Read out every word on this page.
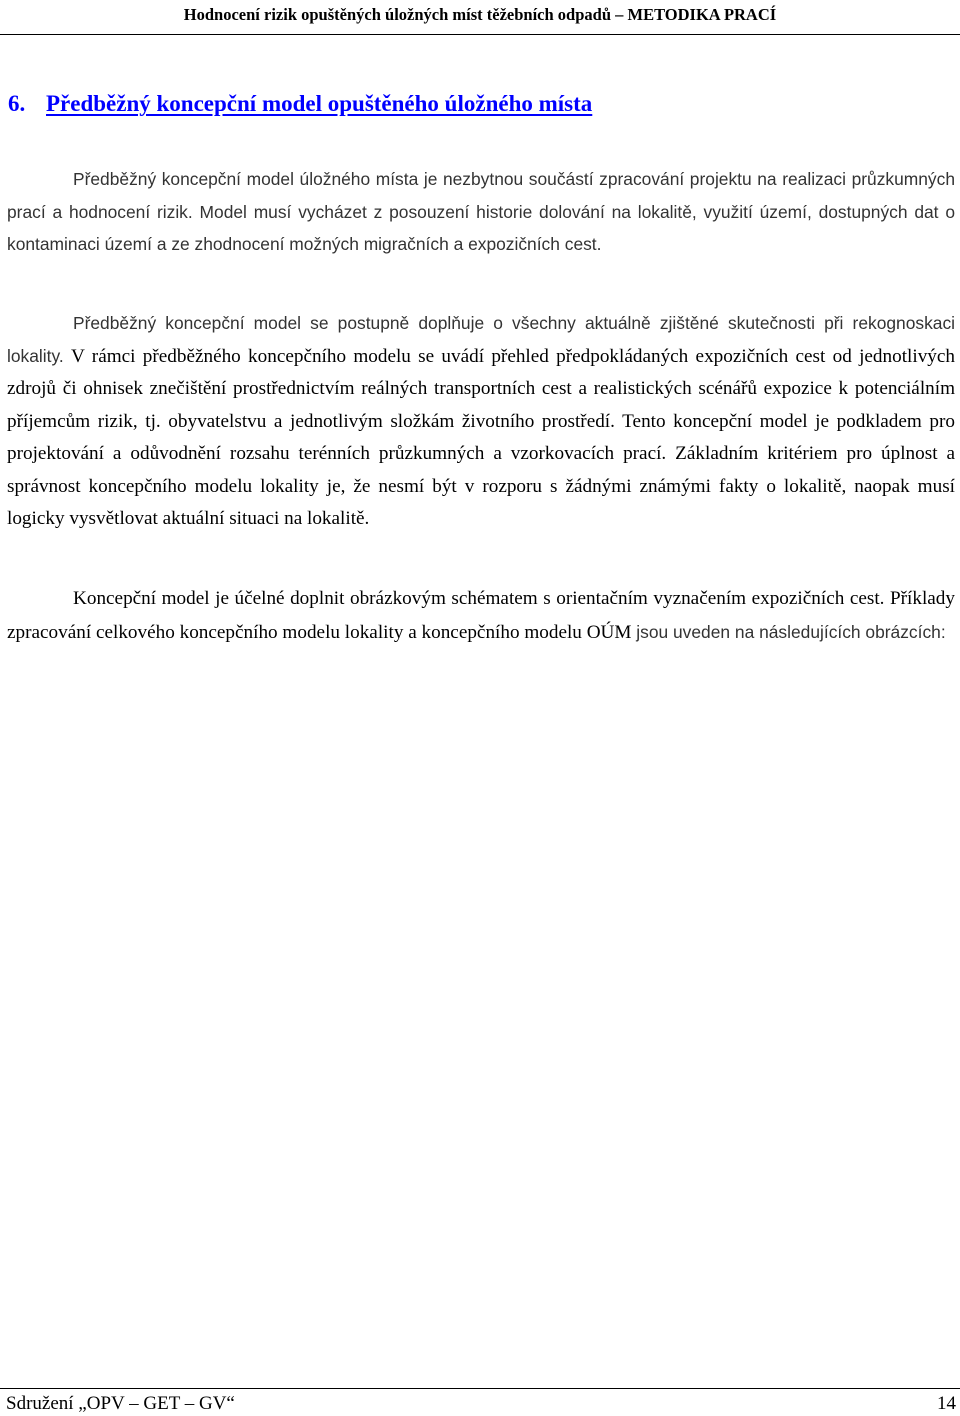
Hodnocení rizik opuštěných úložných míst těžebních odpadů – METODIKA PRACÍ
6. Předběžný koncepční model opuštěného úložného místa

Předběžný koncepční model úložného místa je nezbytnou součástí zpracování projektu na realizaci průzkumných prací a hodnocení rizik. Model musí vycházet z posouzení historie dolování na lokalitě, využití území, dostupných dat o kontaminaci území a ze zhodnocení možných migračních a expozičních cest.

Předběžný koncepční model se postupně doplňuje o všechny aktuálně zjištěné skutečnosti při rekognoskaci lokality. V rámci předběžného koncepčního modelu se uvádí přehled předpokládaných expozičních cest od jednotlivých zdrojů či ohnisek znečištění prostřednictvím reálných transportních cest a realistických scénářů expozice k potenciálním příjemcům rizik, tj. obyvatelstvu a jednotlivým složkám životního prostředí. Tento koncepční model je podkladem pro projektování a odůvodnění rozsahu terénních průzkumných a vzorkovacích prací. Základním kritériem pro úplnost a správnost koncepčního modelu lokality je, že nesmí být v rozporu s žádnými známými fakty o lokalitě, naopak musí logicky vysvětlovat aktuální situaci na lokalitě.

Koncepční model je účelné doplnit obrázkovým schématem s orientačním vyznačením expozičních cest. Příklady zpracování celkového koncepčního modelu lokality a koncepčního modelu OÚM jsou uveden na následujících obrázcích:

Sdružení „OPV – GET – GV“	14
